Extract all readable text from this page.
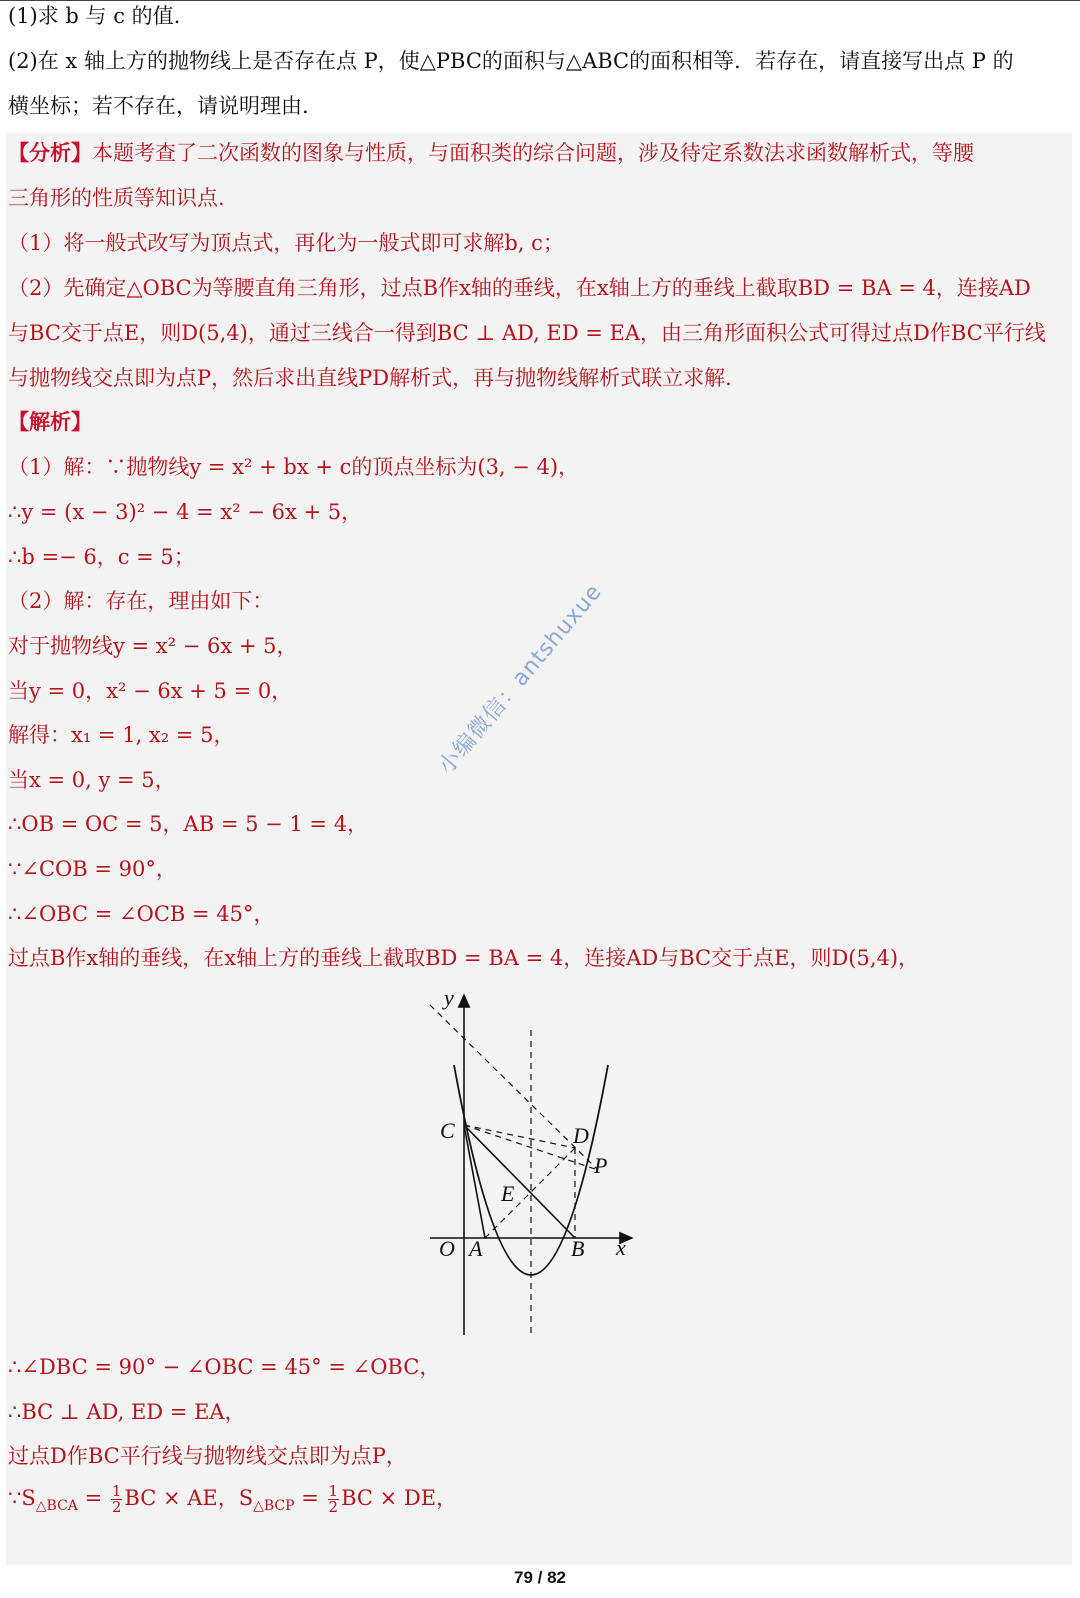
(1)求 b 与 c 的值.
(2)在 x 轴上方的抛物线上是否存在点 P，使△PBC的面积与△ABC的面积相等．若存在，请直接写出点 P 的
横坐标；若不存在，请说明理由.
【分析】本题考查了二次函数的图象与性质，与面积类的综合问题，涉及待定系数法求函数解析式，等腰
三角形的性质等知识点.
（1）将一般式改写为顶点式，再化为一般式即可求解b, c；
（2）先确定△OBC为等腰直角三角形，过点B作x轴的垂线，在x轴上方的垂线上截取BD = BA = 4，连接AD
与BC交于点E，则D(5,4)，通过三线合一得到BC ⊥ AD, ED = EA，由三角形面积公式可得过点D作BC平行线
与抛物线交点即为点P，然后求出直线PD解析式，再与抛物线解析式联立求解.
【解析】
（1）解：∵抛物线y = x² + bx + c的顶点坐标为(3, − 4)，
∴y = (x − 3)² − 4 = x² − 6x + 5，
∴b =− 6，c = 5；
（2）解：存在，理由如下：
对于抛物线y = x² − 6x + 5，
当y = 0，x² − 6x + 5 = 0，
解得：x₁ = 1, x₂ = 5，
当x = 0, y = 5，
∴OB = OC = 5，AB = 5 − 1 = 4，
∵∠COB = 90°，
∴∠OBC = ∠OCB = 45°，
过点B作x轴的垂线，在x轴上方的垂线上截取BD = BA = 4，连接AD与BC交于点E，则D(5,4)，
y
x
C	D
P
E
O A	B
∴∠DBC = 90° − ∠OBC = 45° = ∠OBC，
∴BC ⊥ AD, ED = EA，
过点D作BC平行线与抛物线交点即为点P，
$\because S_{\triangle BCA} = \frac{1}{2}$ BC × AE，$S_{\triangle BCP} = \frac{1}{2}$ BC × DE，
小编微信：antshuxue
79 / 82
